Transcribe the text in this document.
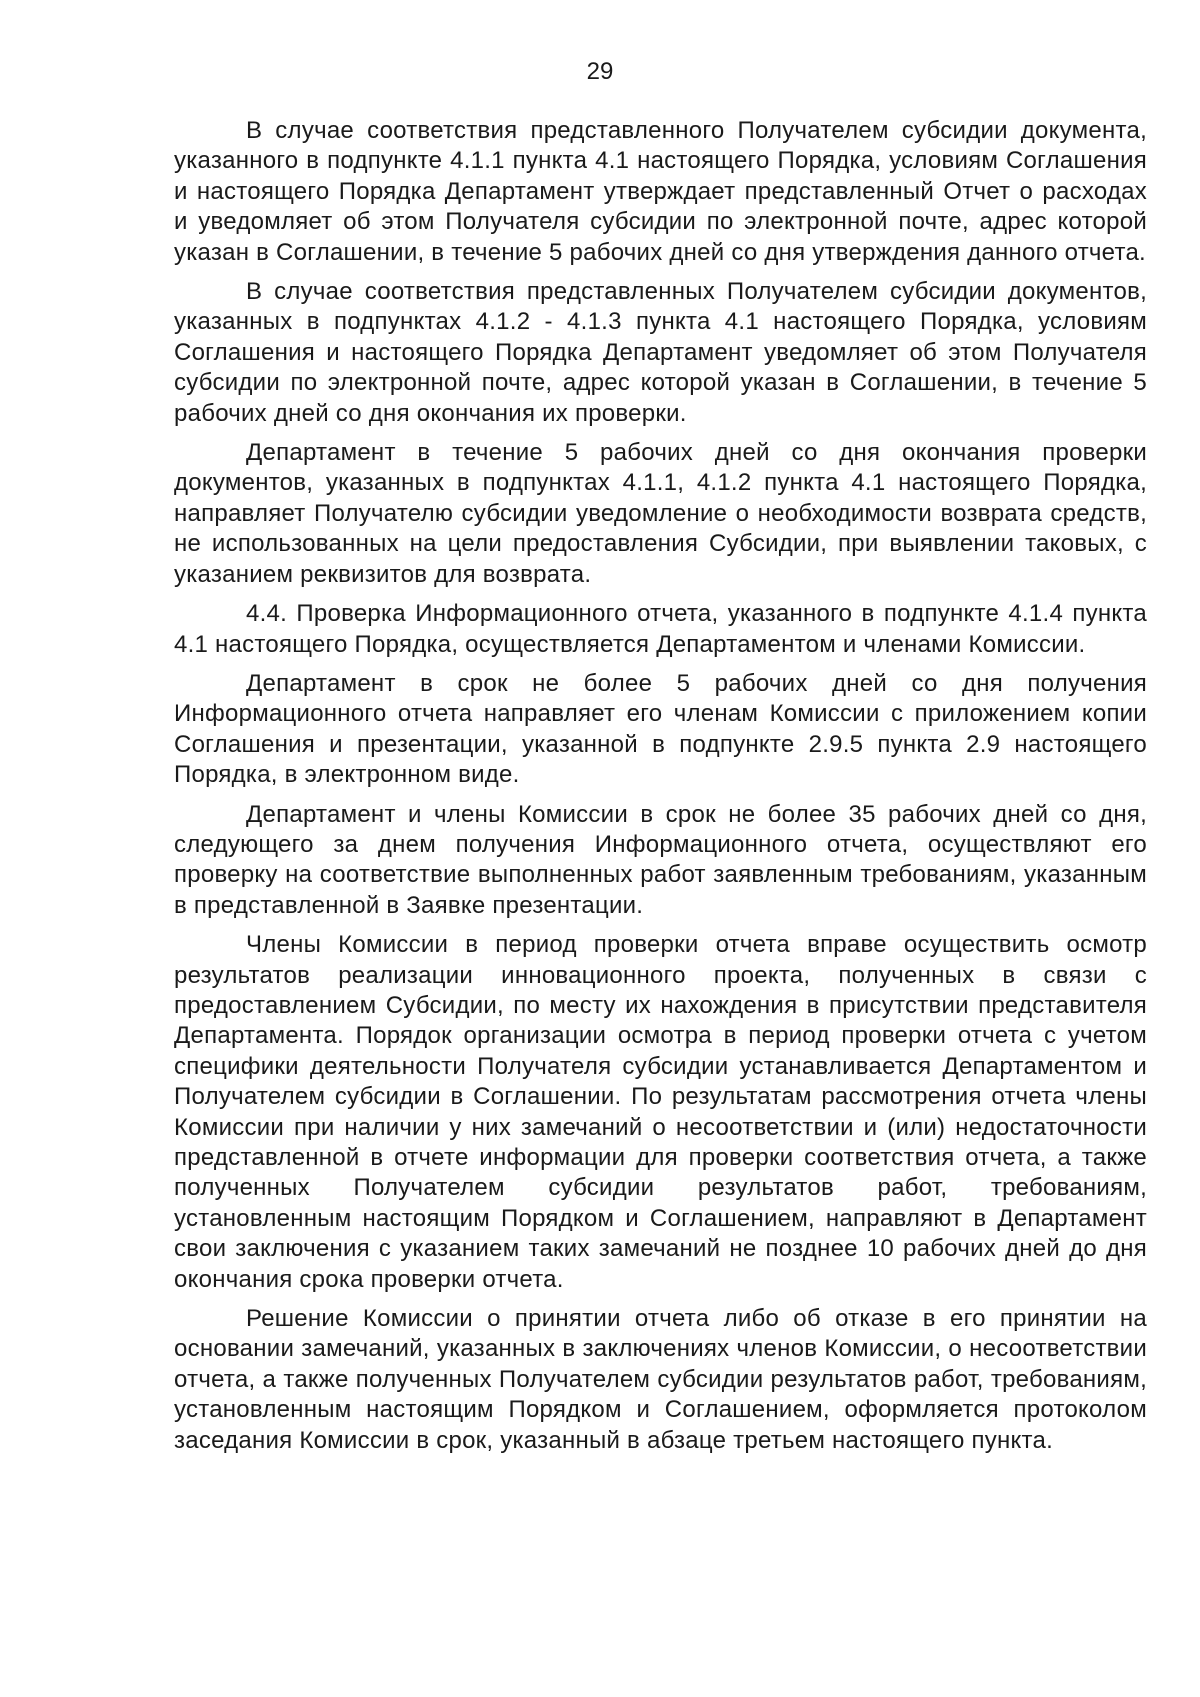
29

В случае соответствия представленного Получателем субсидии документа, указанного в подпункте 4.1.1 пункта 4.1 настоящего Порядка, условиям Соглашения и настоящего Порядка Департамент утверждает представленный Отчет о расходах и уведомляет об этом Получателя субсидии по электронной почте, адрес которой указан в Соглашении, в течение 5 рабочих дней со дня утверждения данного отчета.

В случае соответствия представленных Получателем субсидии документов, указанных в подпунктах 4.1.2 - 4.1.3 пункта 4.1 настоящего Порядка, условиям Соглашения и настоящего Порядка Департамент уведомляет об этом Получателя субсидии по электронной почте, адрес которой указан в Соглашении, в течение 5 рабочих дней со дня окончания их проверки.

Департамент в течение 5 рабочих дней со дня окончания проверки документов, указанных в подпунктах 4.1.1, 4.1.2 пункта 4.1 настоящего Порядка, направляет Получателю субсидии уведомление о необходимости возврата средств, не использованных на цели предоставления Субсидии, при выявлении таковых, с указанием реквизитов для возврата.

4.4. Проверка Информационного отчета, указанного в подпункте 4.1.4 пункта 4.1 настоящего Порядка, осуществляется Департаментом и членами Комиссии.

Департамент в срок не более 5 рабочих дней со дня получения Информационного отчета направляет его членам Комиссии с приложением копии Соглашения и презентации, указанной в подпункте 2.9.5 пункта 2.9 настоящего Порядка, в электронном виде.

Департамент и члены Комиссии в срок не более 35 рабочих дней со дня, следующего за днем получения Информационного отчета, осуществляют его проверку на соответствие выполненных работ заявленным требованиям, указанным в представленной в Заявке презентации.

Члены Комиссии в период проверки отчета вправе осуществить осмотр результатов реализации инновационного проекта, полученных в связи с предоставлением Субсидии, по месту их нахождения в присутствии представителя Департамента. Порядок организации осмотра в период проверки отчета с учетом специфики деятельности Получателя субсидии устанавливается Департаментом и Получателем субсидии в Соглашении. По результатам рассмотрения отчета члены Комиссии при наличии у них замечаний о несоответствии и (или) недостаточности представленной в отчете информации для проверки соответствия отчета, а также полученных Получателем субсидии результатов работ, требованиям, установленным настоящим Порядком и Соглашением, направляют в Департамент свои заключения с указанием таких замечаний не позднее 10 рабочих дней до дня окончания срока проверки отчета.

Решение Комиссии о принятии отчета либо об отказе в его принятии на основании замечаний, указанных в заключениях членов Комиссии, о несоответствии отчета, а также полученных Получателем субсидии результатов работ, требованиям, установленным настоящим Порядком и Соглашением, оформляется протоколом заседания Комиссии в срок, указанный в абзаце третьем настоящего пункта.
